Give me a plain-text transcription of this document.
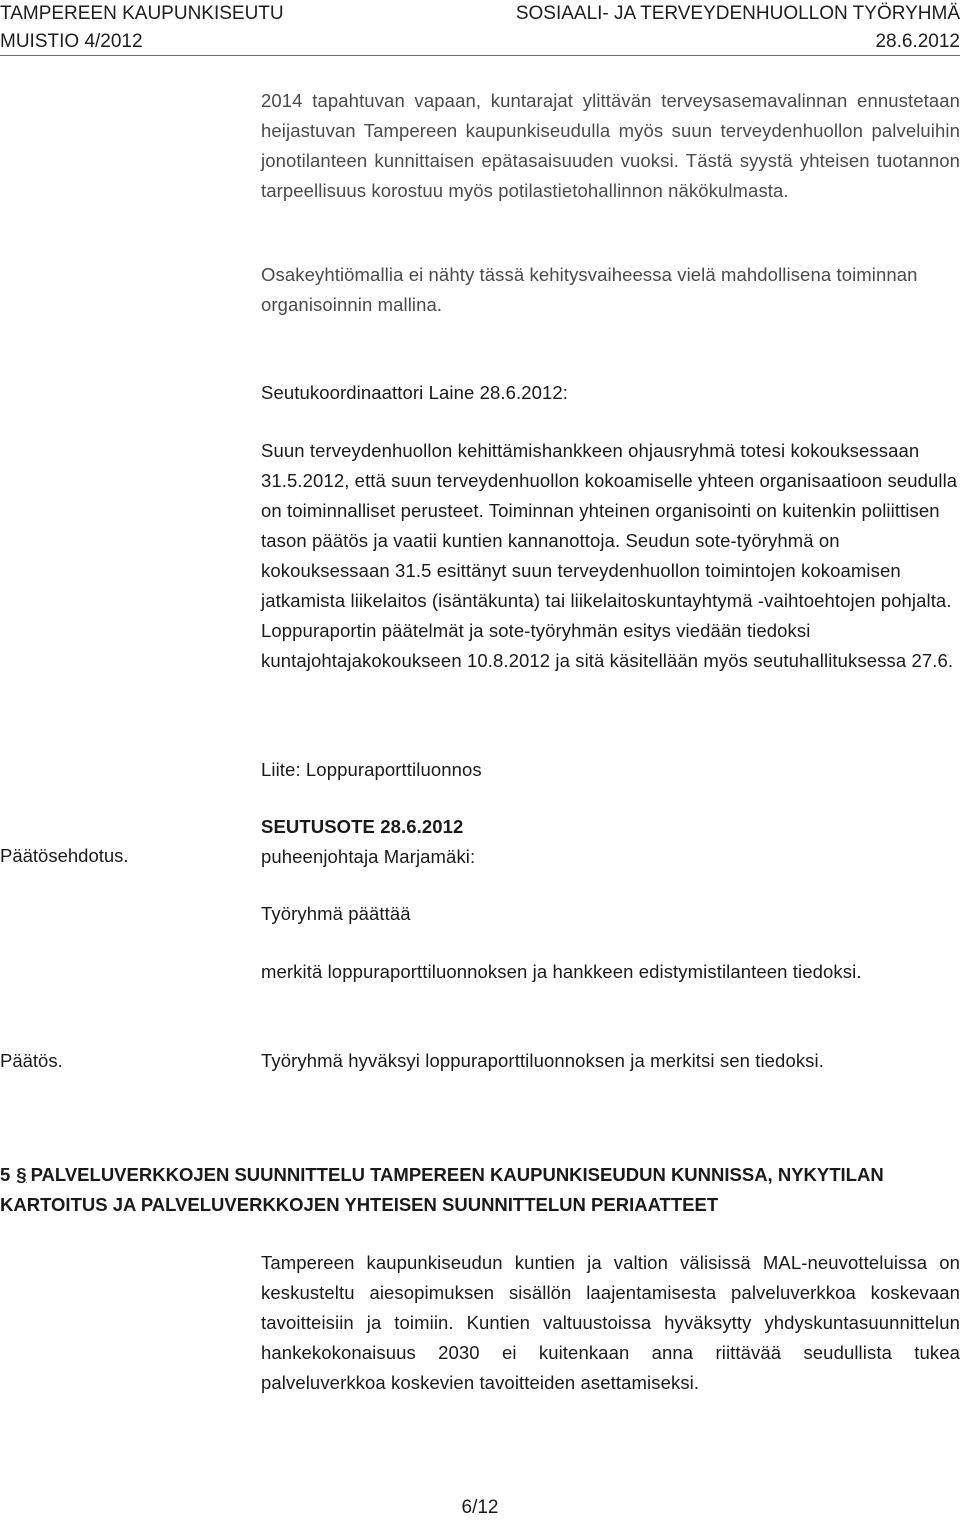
TAMPEREEN KAUPUNKISEUTU	SOSIAALI- JA TERVEYDENHUOLLON TYÖRYHMÄ
MUISTIO 4/2012	28.6.2012

2014 tapahtuvan vapaan, kuntarajat ylittävän terveysasemavalinnan ennustetaan heijastuvan Tampereen kaupunkiseudulla myös suun terveydenhuollon palveluihin jonotilanteen kunnittaisen epätasaisuuden vuoksi. Tästä syystä yhteisen tuotannon tarpeellisuus korostuu myös potilastietohallinnon näkökulmasta.

Osakeyhtiömallia ei nähty tässä kehitysvaiheessa vielä mahdollisena toiminnan organisoinnin mallina.

Seutukoordinaattori Laine 28.6.2012:

Suun terveydenhuollon kehittämishankkeen ohjausryhmä totesi kokouksessaan 31.5.2012, että suun terveydenhuollon kokoamiselle yhteen organisaatioon seudulla on toiminnalliset perusteet. Toiminnan yhteinen organisointi on kuitenkin poliittisen tason päätös ja vaatii kuntien kannanottoja. Seudun sote-työryhmä on kokouksessaan 31.5 esittänyt suun terveydenhuollon toimintojen kokoamisen jatkamista liikelaitos (isäntäkunta) tai liikelaitoskuntayhtymä -vaihtoehtojen pohjalta. Loppuraportin päätelmät ja sote-työryhmän esitys viedään tiedoksi kuntajohtajakokoukseen 10.8.2012 ja sitä käsitellään myös seutuhallituksessa 27.6.

Liite: Loppuraporttiluonnos

Päätösehdotus.

SEUTUSOTE 28.6.2012
puheenjohtaja Marjamäki:

Työryhmä päättää

merkitä loppuraporttiluonnoksen ja hankkeen edistymistilanteen tiedoksi.

Päätös.	Työryhmä hyväksyi loppuraporttiluonnoksen ja merkitsi sen tiedoksi.

5 § PALVELUVERKKOJEN SUUNNITTELU TAMPEREEN KAUPUNKISEUDUN KUNNISSA, NYKYTILAN KARTOITUS JA PALVELUVERKKOJEN YHTEISEN SUUNNITTELUN PERIAATTEET

Tampereen kaupunkiseudun kuntien ja valtion välisissä MAL-neuvotteluissa on keskusteltu aiesopimuksen sisällön laajentamisesta palveluverkkoa koskevaan tavoitteisiin ja toimiin. Kuntien valtuustoissa hyväksytty yhdyskuntasuunnittelun hankekokonaisuus 2030 ei kuitenkaan anna riittävää seudullista tukea palveluverkkoa koskevien tavoitteiden asettamiseksi.

6/12
